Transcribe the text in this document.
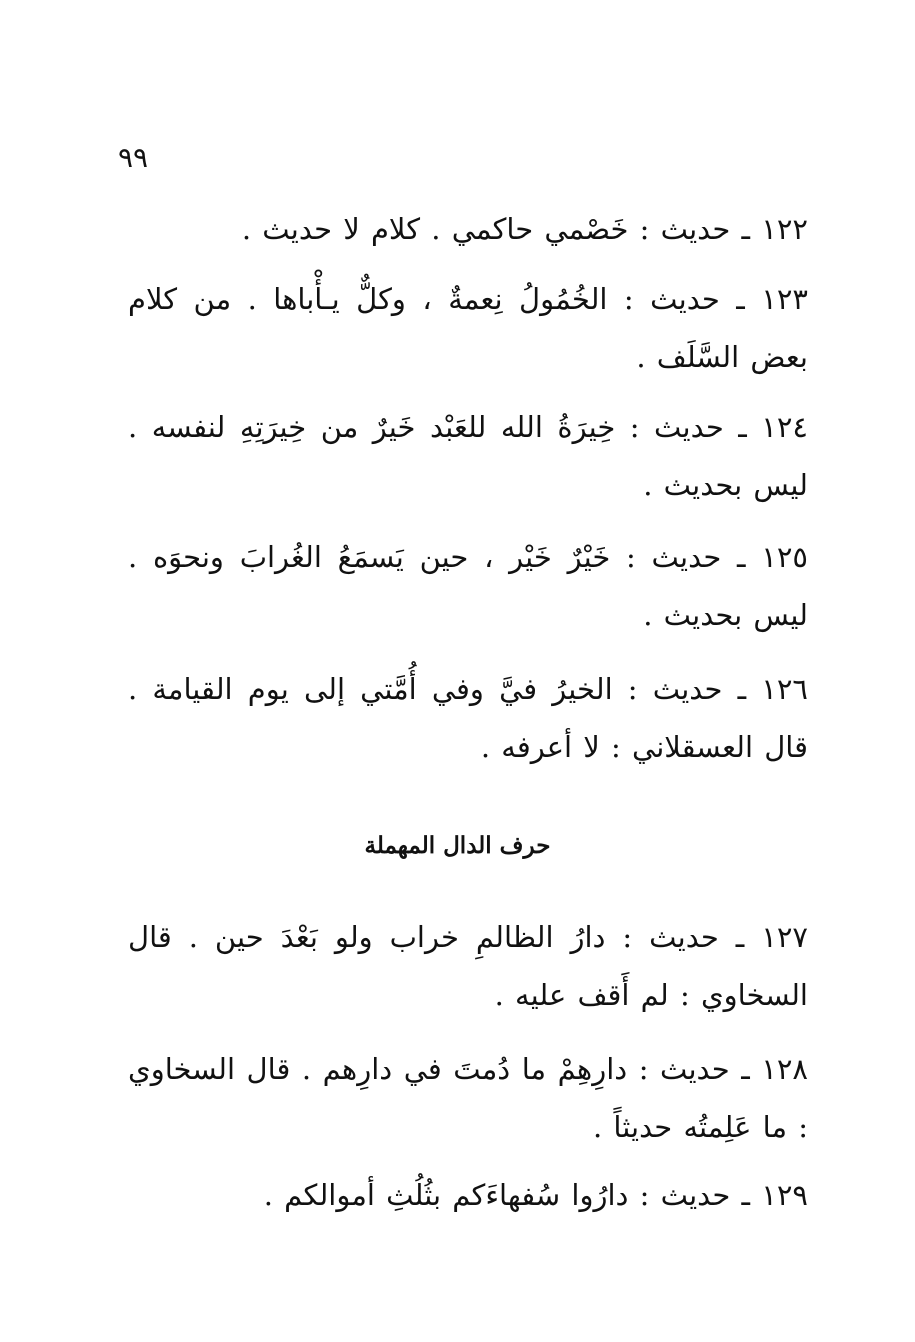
٩٩

١٢٢ ـ حديث : خَصْمي حاكمي . كلام لا حديث .

١٢٣ ـ حديث : الخُمُولُ نِعمةٌ ، وكلٌّ يـأْباها . من كلام بعض السَّلَف .

١٢٤ ـ حديث : خِيرَةُ الله للعَبْد خَيرٌ من خِيرَتِهِ لنفسه . ليس بحديث .

١٢٥ ـ حديث : خَيْرٌ خَيْر ، حين يَسمَعُ الغُرابَ ونحوَه . ليس بحديث .

١٢٦ ـ حديث : الخيرُ فيَّ وفي أُمَّتي إلى يوم القيامة . قال العسقلاني : لا أعرفه .

حرف الدال المهملة

١٢٧ ـ حديث : دارُ الظالمِ خراب ولو بَعْدَ حين . قال السخاوي : لم أَقف عليه .

١٢٨ ـ حديث : دارِهِمْ ما دُمتَ في دارِهم . قال السخاوي : ما عَلِمتُه حديثاً .

١٢٩ ـ حديث : دارُوا سُفهاءَكم بثُلُثِ أموالكم .
